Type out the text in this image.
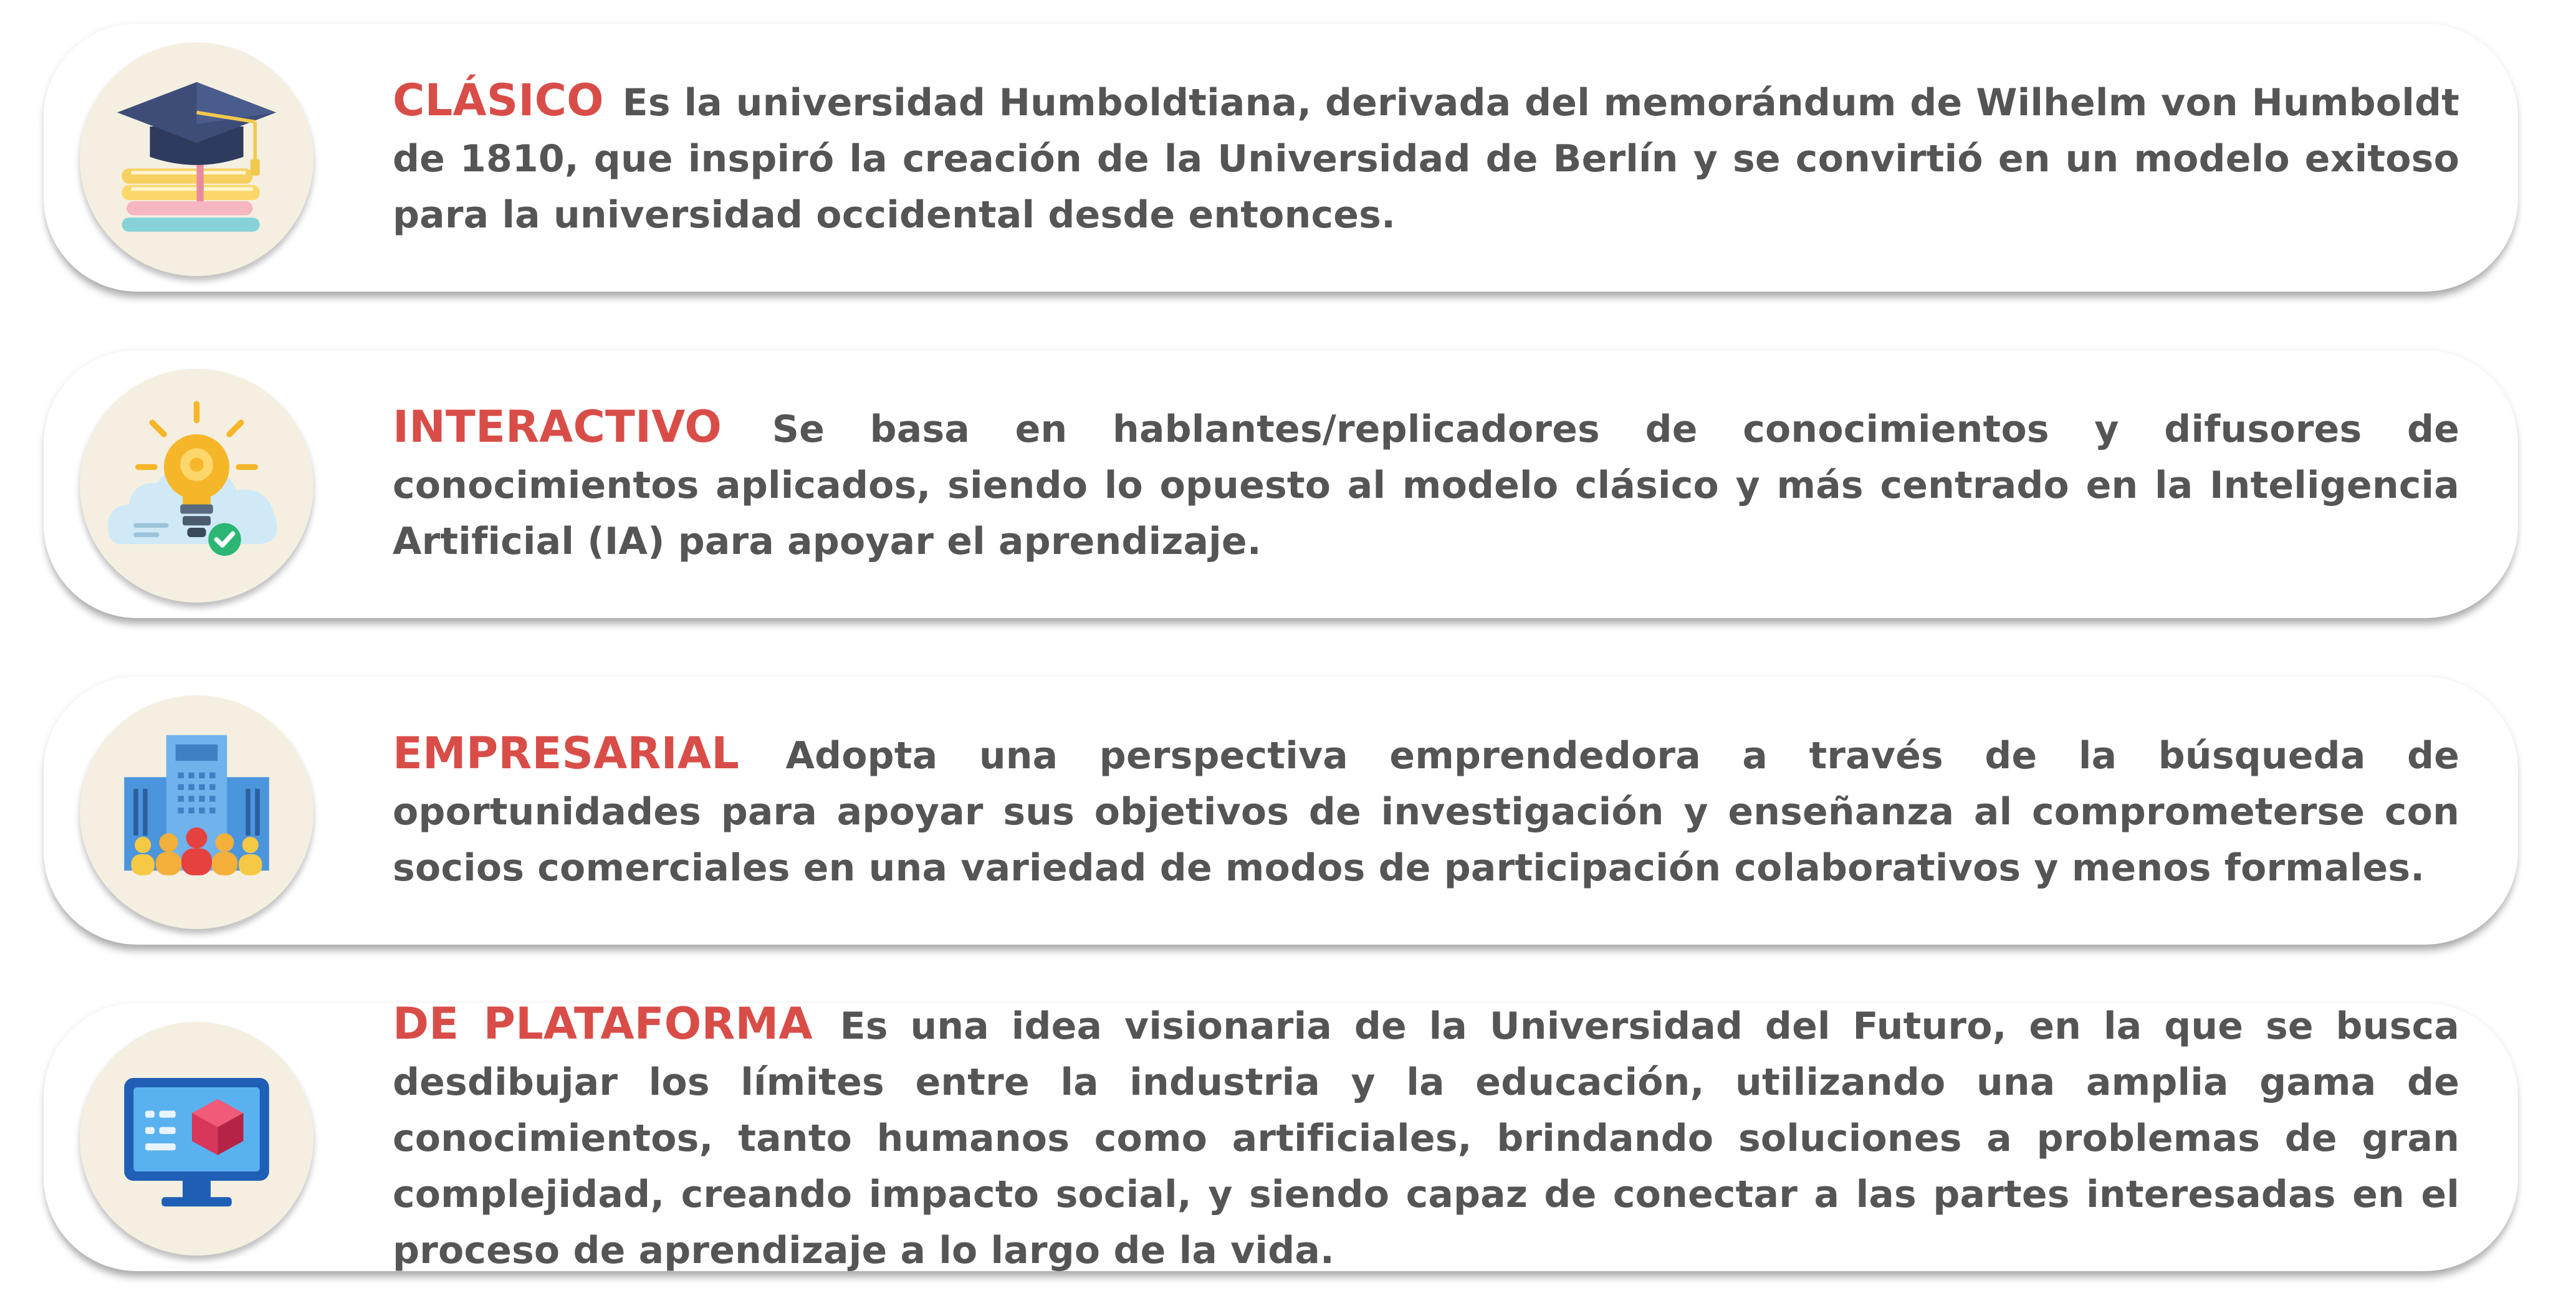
CLÁSICO Es la universidad Humboldtiana, derivada del memorándum de Wilhelm von Humboldt de 1810, que inspiró la creación de la Universidad de Berlín y se convirtió en un modelo exitoso para la universidad occidental desde entonces.

INTERACTIVO Se basa en hablantes/replicadores de conocimientos y difusores de conocimientos aplicados, siendo lo opuesto al modelo clásico y más centrado en la Inteligencia Artificial (IA) para apoyar el aprendizaje.

EMPRESARIAL Adopta una perspectiva emprendedora a través de la búsqueda de oportunidades para apoyar sus objetivos de investigación y enseñanza al comprometerse con socios comerciales en una variedad de modos de participación colaborativos y menos formales.

DE PLATAFORMA Es una idea visionaria de la Universidad del Futuro, en la que se busca desdibujar los límites entre la industria y la educación, utilizando una amplia gama de conocimientos, tanto humanos como artificiales, brindando soluciones a problemas de gran complejidad, creando impacto social, y siendo capaz de conectar a las partes interesadas en el proceso de aprendizaje a lo largo de la vida.
